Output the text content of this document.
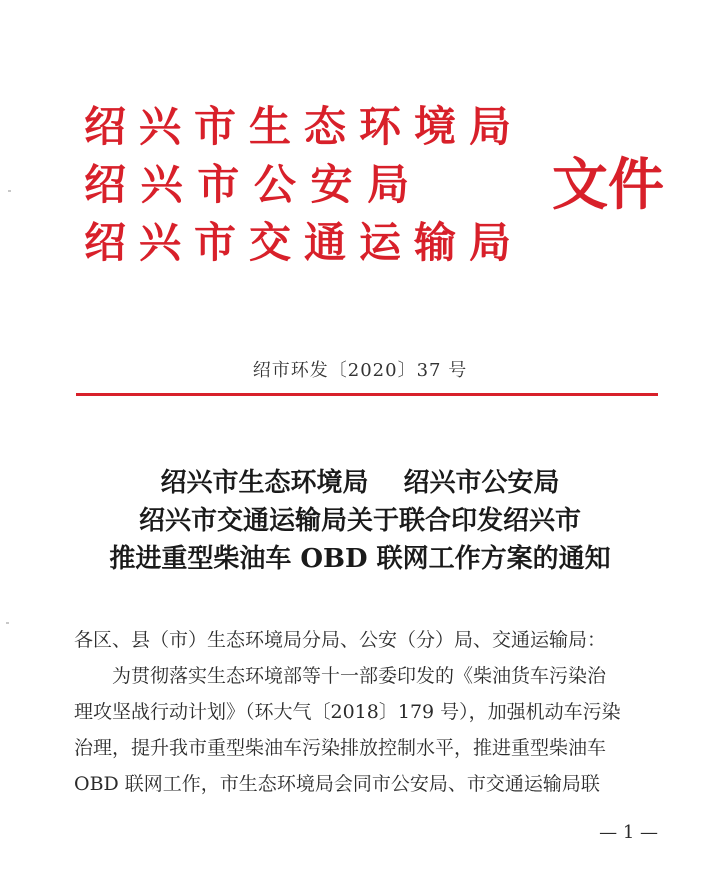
绍兴市生态环境局
绍 兴 市 公 安 局
绍兴市交通运输局
文件
绍市环发〔2020〕37 号
绍兴市生态环境局　 绍兴市公安局
绍兴市交通运输局关于联合印发绍兴市
推进重型柴油车 OBD 联网工作方案的通知
各区、县（市）生态环境局分局、公安（分）局、交通运输局：
为贯彻落实生态环境部等十一部委印发的《柴油货车污染治
理攻坚战行动计划》（环大气〔2018〕179 号），加强机动车污染
治理，提升我市重型柴油车污染排放控制水平，推进重型柴油车
OBD 联网工作，市生态环境局会同市公安局、市交通运输局联
— 1 —
